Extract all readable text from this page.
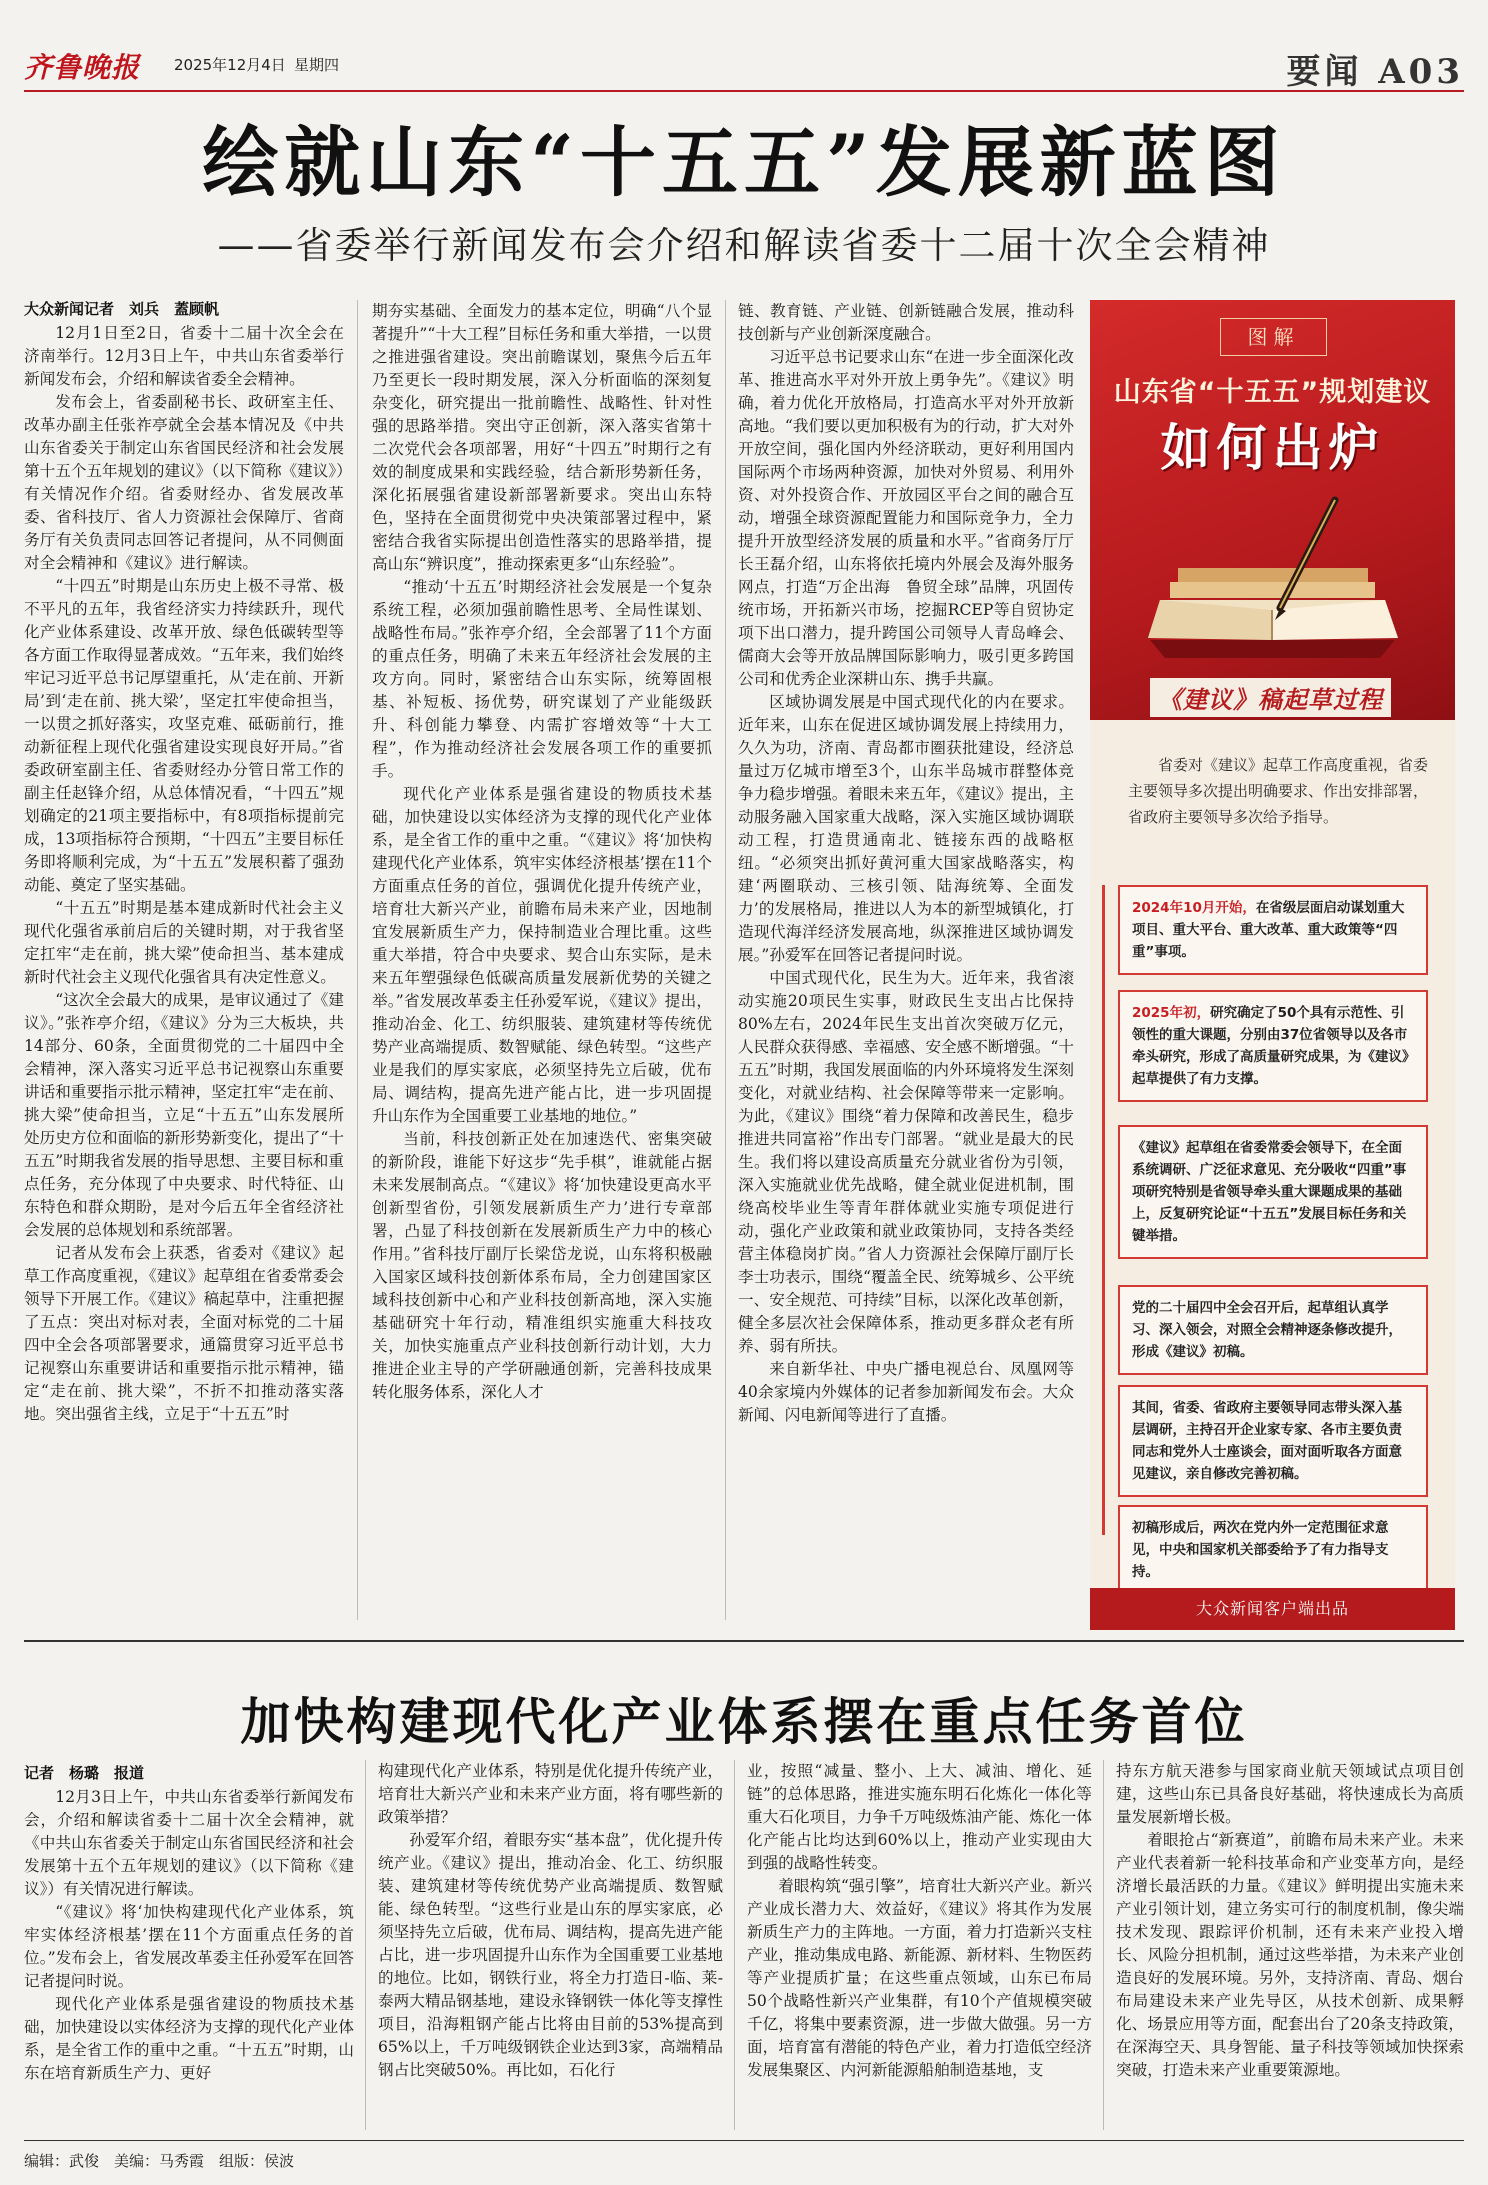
齐鲁晚报 2025年12月4日 星期四	要闻 A03
绘就山东“十五五”发展新蓝图
——省委举行新闻发布会介绍和解读省委十二届十次全会精神
大众新闻记者　刘兵　蓋顾帆

12月1日至2日，省委十二届十次全会在济南举行。12月3日上午，中共山东省委举行新闻发布会，介绍和解读省委全会精神。

发布会上，省委副秘书长、政研室主任、改革办副主任张祚亭就全会基本情况及《中共山东省委关于制定山东省国民经济和社会发展第十五个五年规划的建议》（以下简称《建议》）有关情况作介绍。省委财经办、省发展改革委、省科技厅、省人力资源社会保障厅、省商务厅有关负责同志回答记者提问，从不同侧面对全会精神和《建议》进行解读。

“十四五”时期是山东历史上极不寻常、极不平凡的五年，我省经济实力持续跃升，现代化产业体系建设、改革开放、绿色低碳转型等各方面工作取得显著成效。“五年来，我们始终牢记习近平总书记厚望重托，从‘走在前、开新局’到‘走在前、挑大梁’，坚定扛牢使命担当，一以贯之抓好落实，攻坚克难、砥砺前行，推动新征程上现代化强省建设实现良好开局。”省委政研室副主任、省委财经办分管日常工作的副主任赵锋介绍，从总体情况看，“十四五”规划确定的21项主要指标中，有8项指标提前完成，13项指标符合预期，“十四五”主要目标任务即将顺利完成，为“十五五”发展积蓄了强劲动能、奠定了坚实基础。

“十五五”时期是基本建成新时代社会主义现代化强省承前启后的关键时期，对于我省坚定扛牢“走在前，挑大梁”使命担当、基本建成新时代社会主义现代化强省具有决定性意义。

“这次全会最大的成果，是审议通过了《建议》。”张祚亭介绍，《建议》分为三大板块，共14部分、60条，全面贯彻党的二十届四中全会精神，深入落实习近平总书记视察山东重要讲话和重要指示批示精神，坚定扛牢“走在前、挑大梁”使命担当，立足“十五五”山东发展所处历史方位和面临的新形势新变化，提出了“十五五”时期我省发展的指导思想、主要目标和重点任务，充分体现了中央要求、时代特征、山东特色和群众期盼，是对今后五年全省经济社会发展的总体规划和系统部署。

记者从发布会上获悉，省委对《建议》起草工作高度重视，《建议》起草组在省委常委会领导下开展工作。《建议》稿起草中，注重把握了五点：突出对标对表，全面对标党的二十届四中全会各项部署要求，通篇贯穿习近平总书记视察山东重要讲话和重要指示批示精神，锚定“走在前、挑大梁”，不折不扣推动落实落地。突出强省主线，立足于“十五五”时

期夯实基础、全面发力的基本定位，明确“八个显著提升”“十大工程”目标任务和重大举措，一以贯之推进强省建设。突出前瞻谋划，聚焦今后五年乃至更长一段时期发展，深入分析面临的深刻复杂变化，研究提出一批前瞻性、战略性、针对性强的思路举措。突出守正创新，深入落实省第十二次党代会各项部署，用好“十四五”时期行之有效的制度成果和实践经验，结合新形势新任务，深化拓展强省建设新部署新要求。突出山东特色，坚持在全面贯彻党中央决策部署过程中，紧密结合我省实际提出创造性落实的思路举措，提高山东“辨识度”，推动探索更多“山东经验”。

“推动‘十五五’时期经济社会发展是一个复杂系统工程，必须加强前瞻性思考、全局性谋划、战略性布局。”张祚亭介绍，全会部署了11个方面的重点任务，明确了未来五年经济社会发展的主攻方向。同时，紧密结合山东实际，统筹固根基、补短板、扬优势，研究谋划了产业能级跃升、科创能力攀登、内需扩容增效等“十大工程”，作为推动经济社会发展各项工作的重要抓手。

现代化产业体系是强省建设的物质技术基础，加快建设以实体经济为支撑的现代化产业体系，是全省工作的重中之重。“《建议》将‘加快构建现代化产业体系，筑牢实体经济根基’摆在11个方面重点任务的首位，强调优化提升传统产业，培育壮大新兴产业，前瞻布局未来产业，因地制宜发展新质生产力，保持制造业合理比重。这些重大举措，符合中央要求、契合山东实际，是未来五年塑强绿色低碳高质量发展新优势的关键之举。”省发展改革委主任孙爱军说，《建议》提出，推动冶金、化工、纺织服装、建筑建材等传统优势产业高端提质、数智赋能、绿色转型。“这些产业是我们的厚实家底，必须坚持先立后破，优布局、调结构，提高先进产能占比，进一步巩固提升山东作为全国重要工业基地的地位。”

当前，科技创新正处在加速迭代、密集突破的新阶段，谁能下好这步“先手棋”，谁就能占据未来发展制高点。“《建议》将‘加快建设更高水平创新型省份，引领发展新质生产力’进行专章部署，凸显了科技创新在发展新质生产力中的核心作用。”省科技厅副厅长梁岱龙说，山东将积极融入国家区域科技创新体系布局，全力创建国家区域科技创新中心和产业科技创新高地，深入实施基础研究十年行动，精准组织实施重大科技攻关，加快实施重点产业科技创新行动计划，大力推进企业主导的产学研融通创新，完善科技成果转化服务体系，深化人才

链、教育链、产业链、创新链融合发展，推动科技创新与产业创新深度融合。

习近平总书记要求山东“在进一步全面深化改革、推进高水平对外开放上勇争先”。《建议》明确，着力优化开放格局，打造高水平对外开放新高地。“我们要以更加积极有为的行动，扩大对外开放空间，强化国内外经济联动，更好利用国内国际两个市场两种资源，加快对外贸易、利用外资、对外投资合作、开放园区平台之间的融合互动，增强全球资源配置能力和国际竞争力，全力提升开放型经济发展的质量和水平。”省商务厅厅长王磊介绍，山东将依托境内外展会及海外服务网点，打造“万企出海　鲁贸全球”品牌，巩固传统市场，开拓新兴市场，挖掘RCEP等自贸协定项下出口潜力，提升跨国公司领导人青岛峰会、儒商大会等开放品牌国际影响力，吸引更多跨国公司和优秀企业深耕山东、携手共赢。

区域协调发展是中国式现代化的内在要求。近年来，山东在促进区域协调发展上持续用力，久久为功，济南、青岛都市圈获批建设，经济总量过万亿城市增至3个，山东半岛城市群整体竞争力稳步增强。着眼未来五年，《建议》提出，主动服务融入国家重大战略，深入实施区域协调联动工程，打造贯通南北、链接东西的战略枢纽。“必须突出抓好黄河重大国家战略落实，构建‘两圈联动、三核引领、陆海统筹、全面发力’的发展格局，推进以人为本的新型城镇化，打造现代海洋经济发展高地，纵深推进区域协调发展。”孙爱军在回答记者提问时说。

中国式现代化，民生为大。近年来，我省滚动实施20项民生实事，财政民生支出占比保持80%左右，2024年民生支出首次突破万亿元，人民群众获得感、幸福感、安全感不断增强。“十五五”时期，我国发展面临的内外环境将发生深刻变化，对就业结构、社会保障等带来一定影响。为此，《建议》围绕“着力保障和改善民生，稳步推进共同富裕”作出专门部署。“就业是最大的民生。我们将以建设高质量充分就业省份为引领，深入实施就业优先战略，健全就业促进机制，围绕高校毕业生等青年群体就业实施专项促进行动，强化产业政策和就业政策协同，支持各类经营主体稳岗扩岗。”省人力资源社会保障厅副厅长李士功表示，围绕“覆盖全民、统筹城乡、公平统一、安全规范、可持续”目标，以深化改革创新，健全多层次社会保障体系，推动更多群众老有所养、弱有所扶。

来自新华社、中央广播电视总台、凤凰网等40余家境内外媒体的记者参加新闻发布会。大众新闻、闪电新闻等进行了直播。

图解
山东省“十五五”规划建议
如何出炉
《建议》稿起草过程
省委对《建议》起草工作高度重视，省委主要领导多次提出明确要求、作出安排部署，省政府主要领导多次给予指导。
2024年10月开始，在省级层面启动谋划重大项目、重大平台、重大改革、重大政策等“四重”事项。
2025年初，研究确定了50个具有示范性、引领性的重大课题，分别由37位省领导以及各市牵头研究，形成了高质量研究成果，为《建议》起草提供了有力支撑。
《建议》起草组在省委常委会领导下，在全面系统调研、广泛征求意见、充分吸收“四重”事项研究特别是省领导牵头重大课题成果的基础上，反复研究论证“十五五”发展目标任务和关键举措。
党的二十届四中全会召开后，起草组认真学习、深入领会，对照全会精神逐条修改提升，形成《建议》初稿。
其间，省委、省政府主要领导同志带头深入基层调研，主持召开企业家专家、各市主要负责同志和党外人士座谈会，面对面听取各方面意见建议，亲自修改完善初稿。
初稿形成后，两次在党内外一定范围征求意见，中央和国家机关部委给予了有力指导支持。
大众新闻客户端出品
加快构建现代化产业体系摆在重点任务首位
记者　杨璐　报道

12月3日上午，中共山东省委举行新闻发布会，介绍和解读省委十二届十次全会精神，就《中共山东省委关于制定山东省国民经济和社会发展第十五个五年规划的建议》（以下简称《建议》）有关情况进行解读。

“《建议》将‘加快构建现代化产业体系，筑牢实体经济根基’摆在11个方面重点任务的首位。”发布会上，省发展改革委主任孙爱军在回答记者提问时说。

现代化产业体系是强省建设的物质技术基础，加快建设以实体经济为支撑的现代化产业体系，是全省工作的重中之重。“十五五”时期，山东在培育新质生产力、更好

构建现代化产业体系，特别是优化提升传统产业，培育壮大新兴产业和未来产业方面，将有哪些新的政策举措？

孙爱军介绍，着眼夯实“基本盘”，优化提升传统产业。《建议》提出，推动冶金、化工、纺织服装、建筑建材等传统优势产业高端提质、数智赋能、绿色转型。“这些行业是山东的厚实家底，必须坚持先立后破，优布局、调结构，提高先进产能占比，进一步巩固提升山东作为全国重要工业基地的地位。比如，钢铁行业，将全力打造日-临、莱-泰两大精品钢基地，建设永锋钢铁一体化等支撑性项目，沿海粗钢产能占比将由目前的53%提高到65%以上，千万吨级钢铁企业达到3家，高端精品钢占比突破50%。再比如，石化行

业，按照“减量、整小、上大、减油、增化、延链”的总体思路，推进实施东明石化炼化一体化等重大石化项目，力争千万吨级炼油产能、炼化一体化产能占比均达到60%以上，推动产业实现由大到强的战略性转变。

着眼构筑“强引擎”，培育壮大新兴产业。新兴产业成长潜力大、效益好，《建议》将其作为发展新质生产力的主阵地。一方面，着力打造新兴支柱产业，推动集成电路、新能源、新材料、生物医药等产业提质扩量；在这些重点领域，山东已布局50个战略性新兴产业集群，有10个产值规模突破千亿，将集中要素资源，进一步做大做强。另一方面，培育富有潜能的特色产业，着力打造低空经济发展集聚区、内河新能源船舶制造基地，支

持东方航天港参与国家商业航天领域试点项目创建，这些山东已具备良好基础，将快速成长为高质量发展新增长极。

着眼抢占“新赛道”，前瞻布局未来产业。未来产业代表着新一轮科技革命和产业变革方向，是经济增长最活跃的力量。《建议》鲜明提出实施未来产业引领计划，建立务实可行的制度机制，像尖端技术发现、跟踪评价机制，还有未来产业投入增长、风险分担机制，通过这些举措，为未来产业创造良好的发展环境。另外，支持济南、青岛、烟台布局建设未来产业先导区，从技术创新、成果孵化、场景应用等方面，配套出台了20条支持政策，在深海空天、具身智能、量子科技等领域加快探索突破，打造未来产业重要策源地。

编辑：武俊　美编：马秀霞　组版：侯波
